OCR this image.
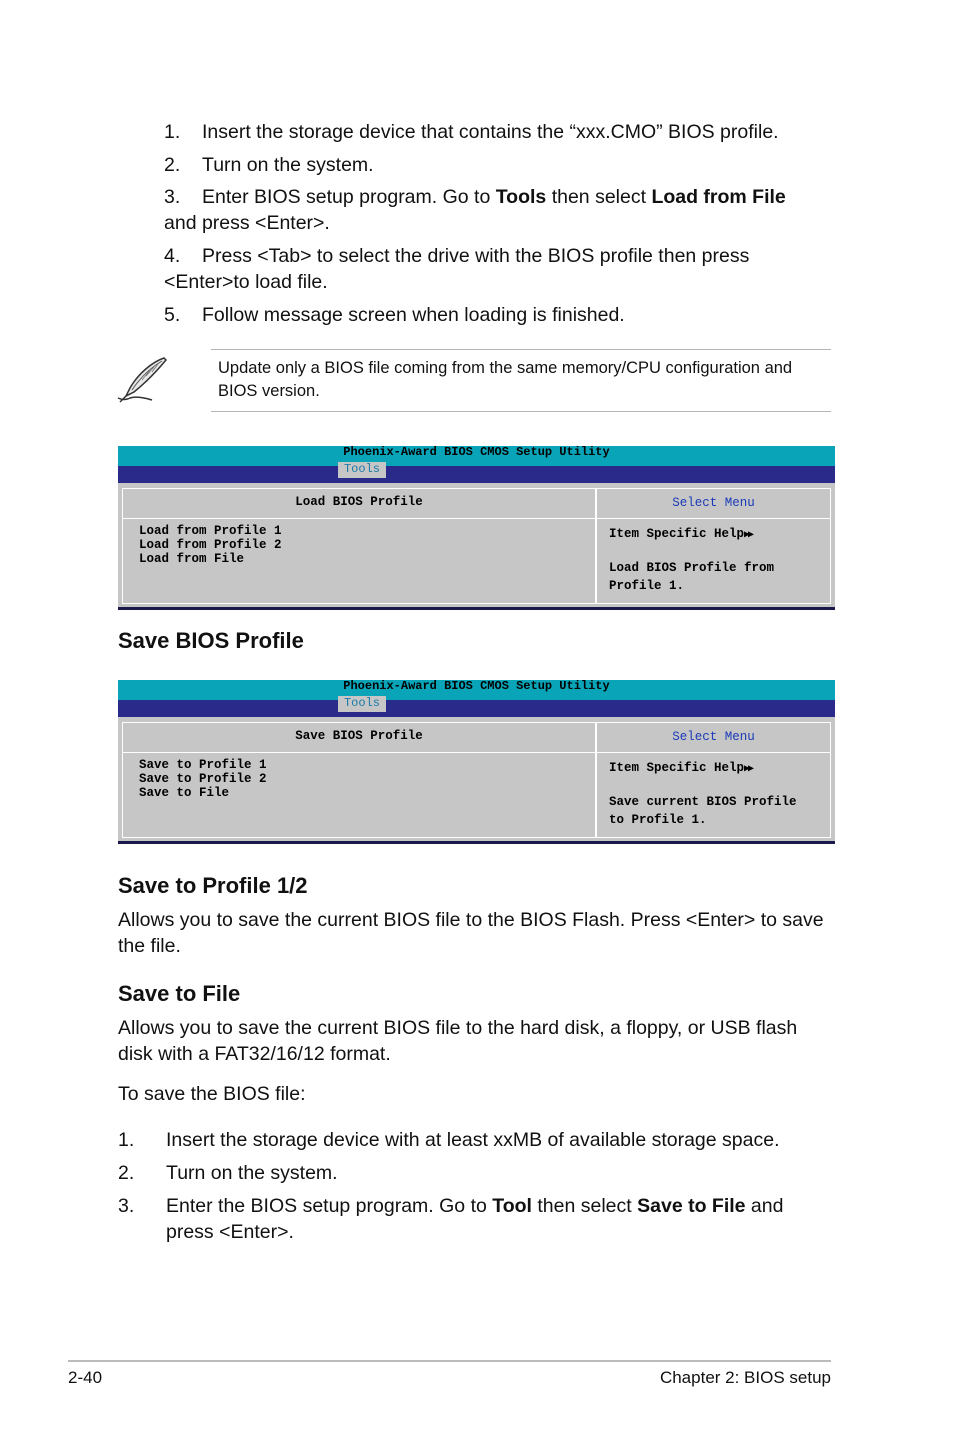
1. Insert the storage device that contains the “xxx.CMO” BIOS profile.
2. Turn on the system.
3. Enter BIOS setup program. Go to Tools then select Load from File
and press <Enter>.
4. Press <Tab> to select the drive with the BIOS profile then press
<Enter>to load file.
5. Follow message screen when loading is finished.
Update only a BIOS file coming from the same memory/CPU configuration and BIOS version.
Phoenix-Award BIOS CMOS Setup Utility
Tools
Load BIOS Profile
Load from Profile 1
Load from Profile 2
Load from File
Select Menu
Item Specific Help▶▶
Load BIOS Profile from
Profile 1.
Save BIOS Profile
Phoenix-Award BIOS CMOS Setup Utility
Tools
Save BIOS Profile
Save to Profile 1
Save to Profile 2
Save to File
Select Menu
Item Specific Help▶▶
Save current BIOS Profile
to Profile 1.
Save to Profile 1/2
Allows you to save the current BIOS file to the BIOS Flash. Press <Enter> to save
the file.
Save to File
Allows you to save the current BIOS file to the hard disk, a floppy, or USB flash
disk with a FAT32/16/12 format.
To save the BIOS file:
1. Insert the storage device with at least xxMB of available storage space.
2. Turn on the system.
3. Enter the BIOS setup program. Go to Tool then select Save to File and
press <Enter>.
2-40	Chapter 2: BIOS setup
